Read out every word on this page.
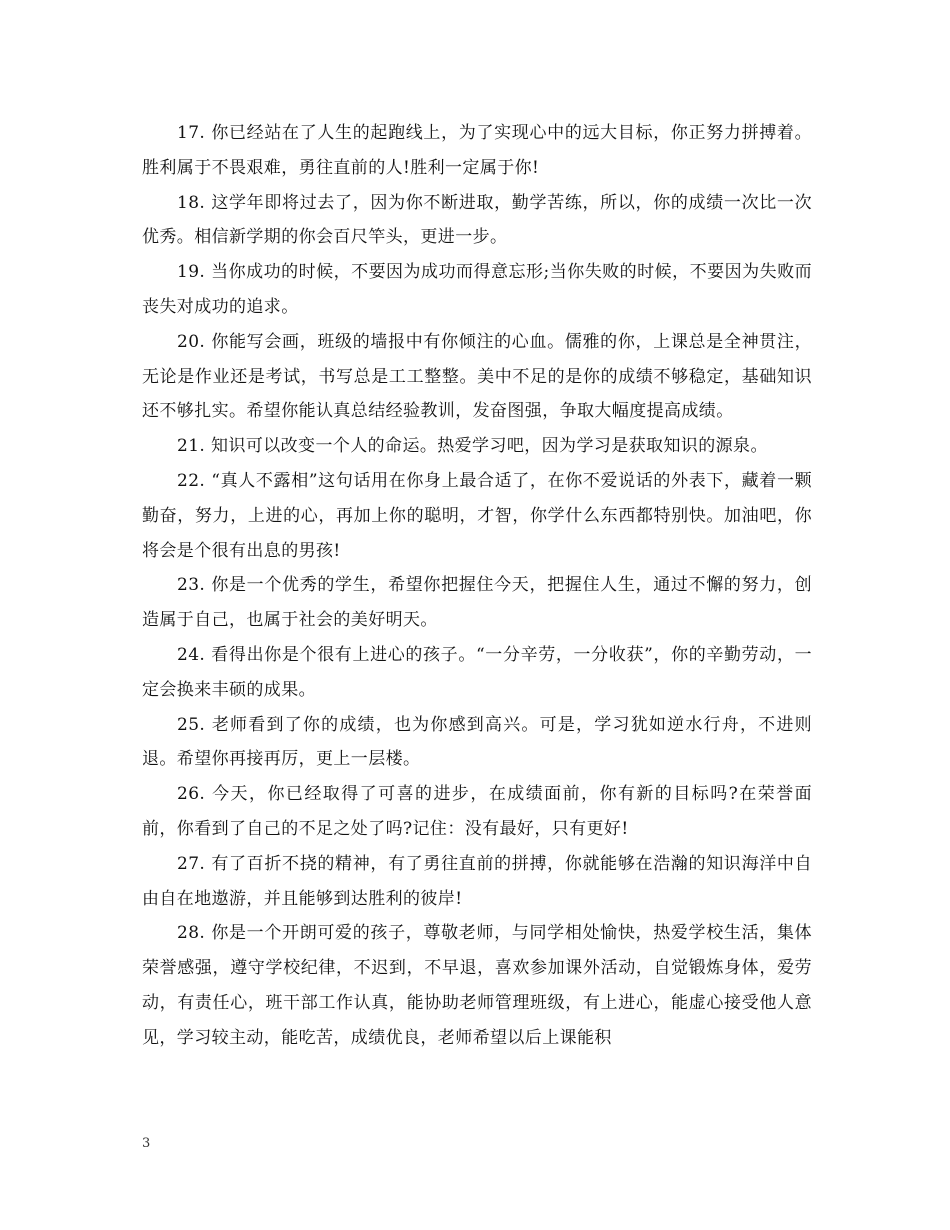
17. 你已经站在了人生的起跑线上，为了实现心中的远大目标，你正努力拼搏着。胜利属于不畏艰难，勇往直前的人!胜利一定属于你!

18. 这学年即将过去了，因为你不断进取，勤学苦练，所以，你的成绩一次比一次优秀。相信新学期的你会百尺竿头，更进一步。

19. 当你成功的时候，不要因为成功而得意忘形;当你失败的时候，不要因为失败而丧失对成功的追求。

20. 你能写会画，班级的墙报中有你倾注的心血。儒雅的你，上课总是全神贯注，无论是作业还是考试，书写总是工工整整。美中不足的是你的成绩不够稳定，基础知识还不够扎实。希望你能认真总结经验教训，发奋图强，争取大幅度提高成绩。

21. 知识可以改变一个人的命运。热爱学习吧，因为学习是获取知识的源泉。

22. “真人不露相”这句话用在你身上最合适了，在你不爱说话的外表下，藏着一颗勤奋，努力，上进的心，再加上你的聪明，才智，你学什么东西都特别快。加油吧，你将会是个很有出息的男孩!

23. 你是一个优秀的学生，希望你把握住今天，把握住人生，通过不懈的努力，创造属于自己，也属于社会的美好明天。

24. 看得出你是个很有上进心的孩子。“一分辛劳，一分收获”，你的辛勤劳动，一定会换来丰硕的成果。

25. 老师看到了你的成绩，也为你感到高兴。可是，学习犹如逆水行舟，不进则退。希望你再接再厉，更上一层楼。

26. 今天，你已经取得了可喜的进步，在成绩面前，你有新的目标吗?在荣誉面前，你看到了自己的不足之处了吗?记住：没有最好，只有更好!

27. 有了百折不挠的精神，有了勇往直前的拼搏，你就能够在浩瀚的知识海洋中自由自在地遨游，并且能够到达胜利的彼岸!

28. 你是一个开朗可爱的孩子，尊敬老师，与同学相处愉快，热爱学校生活，集体荣誉感强，遵守学校纪律，不迟到，不早退，喜欢参加课外活动，自觉锻炼身体，爱劳动，有责任心，班干部工作认真，能协助老师管理班级，有上进心，能虚心接受他人意见，学习较主动，能吃苦，成绩优良，老师希望以后上课能积

3
